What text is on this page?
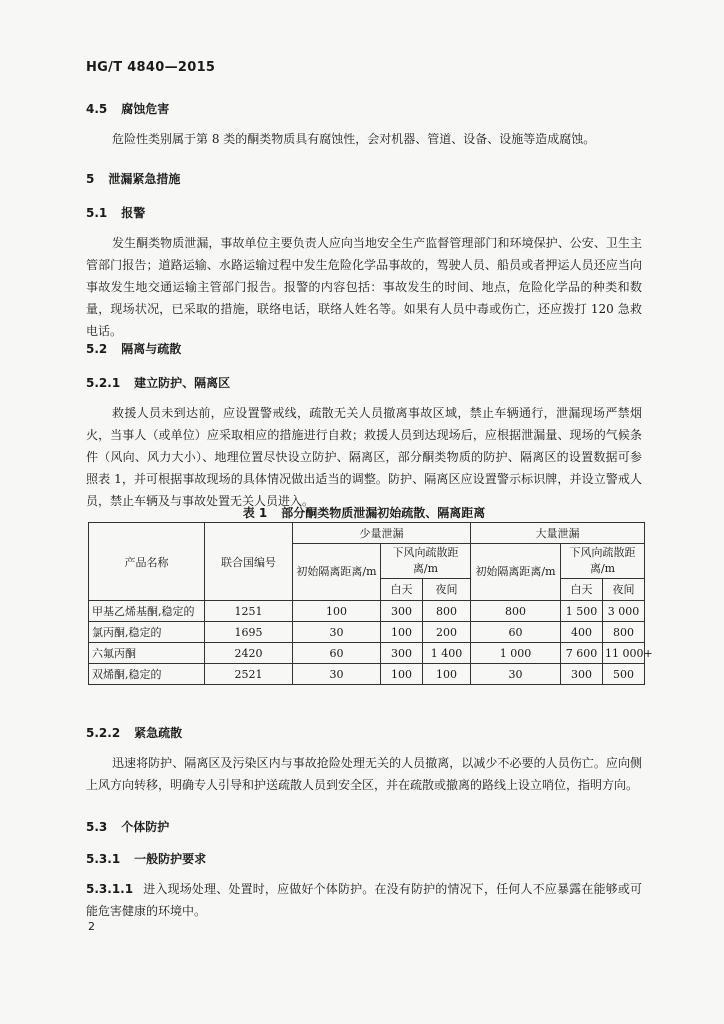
HG/T 4840—2015
4.5 腐蚀危害
危险性类别属于第 8 类的酮类物质具有腐蚀性，会对机器、管道、设备、设施等造成腐蚀。
5 泄漏紧急措施
5.1 报警
发生酮类物质泄漏，事故单位主要负责人应向当地安全生产监督管理部门和环境保护、公安、卫生主管部门报告；道路运输、水路运输过程中发生危险化学品事故的，驾驶人员、船员或者押运人员还应当向事故发生地交通运输主管部门报告。报警的内容包括：事故发生的时间、地点，危险化学品的种类和数量，现场状况，已采取的措施，联络电话，联络人姓名等。如果有人员中毒或伤亡，还应拨打 120 急救电话。
5.2 隔离与疏散
5.2.1 建立防护、隔离区
救援人员未到达前，应设置警戒线，疏散无关人员撤离事故区域，禁止车辆通行，泄漏现场严禁烟火，当事人（或单位）应采取相应的措施进行自救；救援人员到达现场后，应根据泄漏量、现场的气候条件（风向、风力大小）、地理位置尽快设立防护、隔离区，部分酮类物质的防护、隔离区的设置数据可参照表 1，并可根据事故现场的具体情况做出适当的调整。防护、隔离区应设置警示标识牌，并设立警戒人员，禁止车辆及与事故处置无关人员进入。
表 1 部分酮类物质泄漏初始疏散、隔离距离
产品名称	联合国编号	少量泄漏			大量泄漏		
		初始隔离距离/m	下风向疏散距离/m		初始隔离距离/m	下风向疏散距离/m	
			白天	夜间		白天	夜间
甲基乙烯基酮,稳定的	1251	100	300	800	800	1 500	3 000
氯丙酮,稳定的	1695	30	100	200	60	400	800
六氟丙酮	2420	60	300	1 400	1 000	7 600	11 000+
双烯酮,稳定的	2521	30	100	100	30	300	500
5.2.2 紧急疏散
迅速将防护、隔离区及污染区内与事故抢险处理无关的人员撤离，以减少不必要的人员伤亡。应向侧上风方向转移，明确专人引导和护送疏散人员到安全区，并在疏散或撤离的路线上设立哨位，指明方向。
5.3 个体防护
5.3.1 一般防护要求
5.3.1.1 进入现场处理、处置时，应做好个体防护。在没有防护的情况下，任何人不应暴露在能够或可能危害健康的环境中。
2
